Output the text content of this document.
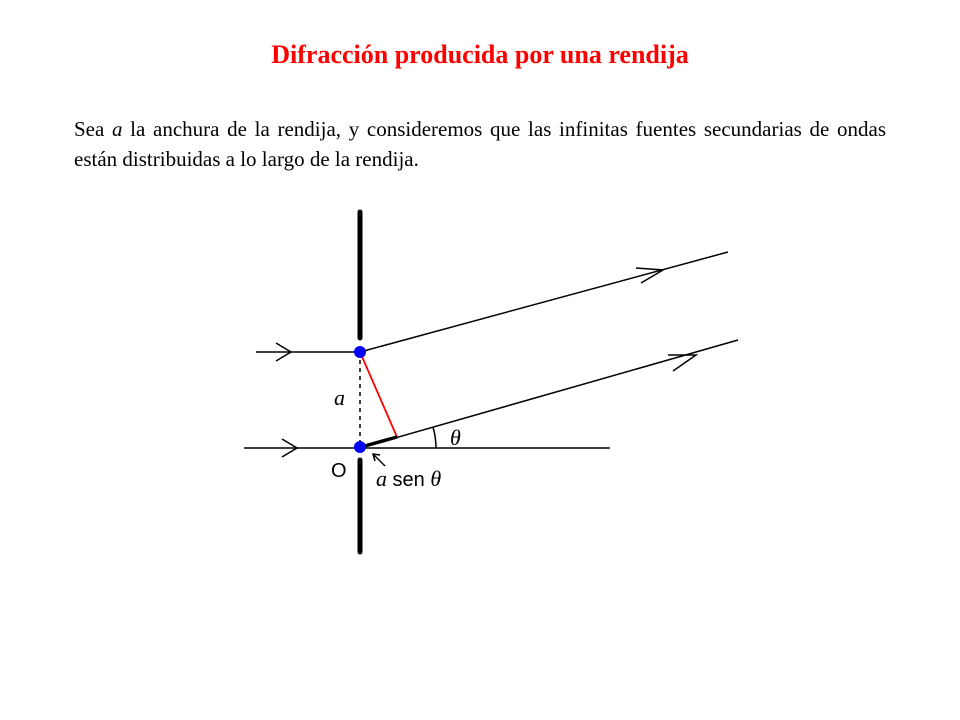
Difracción producida por una rendija
Sea a la anchura de la rendija, y consideremos que las infinitas fuentes secundarias de ondas están distribuidas a lo largo de la rendija.
a
O
θ
a sen θ
